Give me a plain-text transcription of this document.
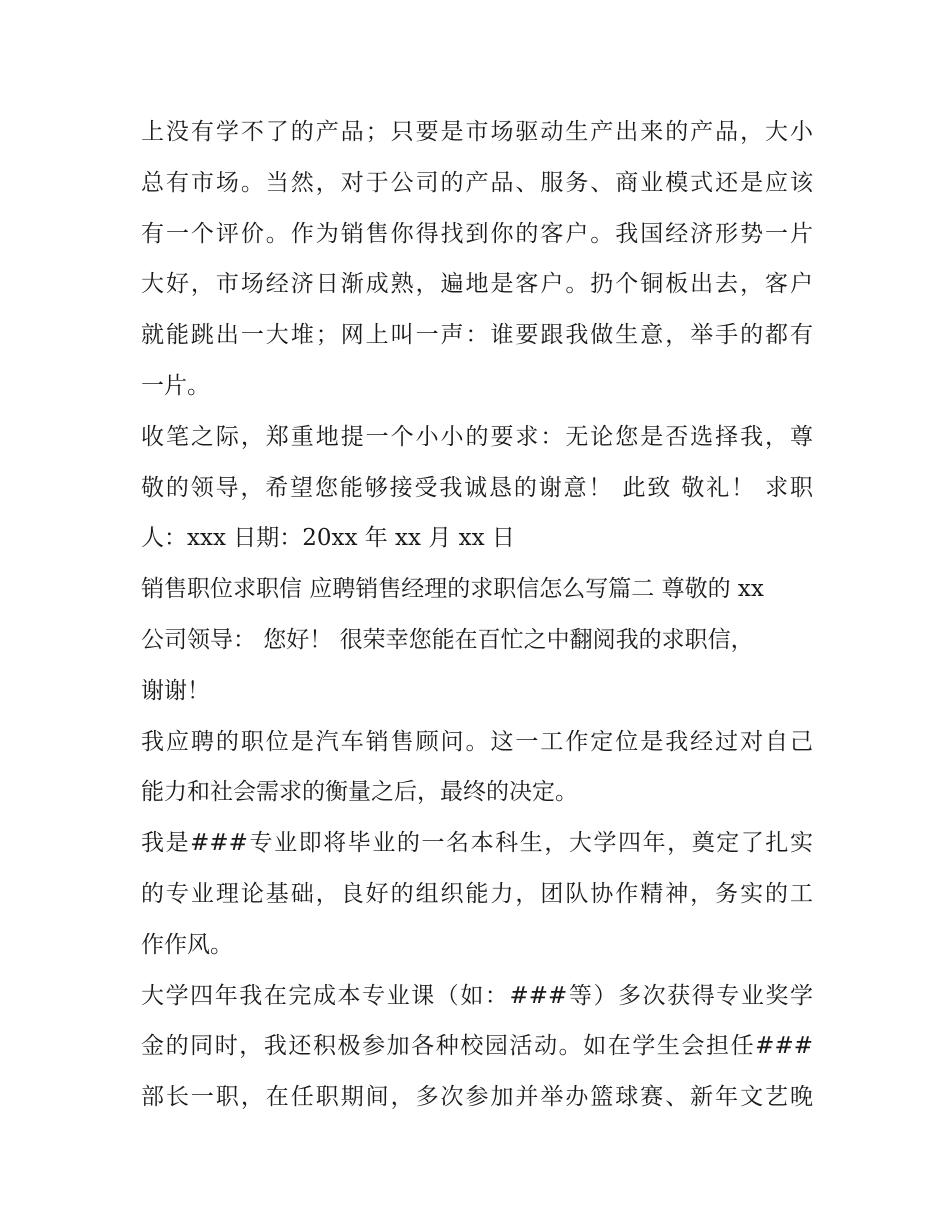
上没有学不了的产品；只要是市场驱动生产出来的产品，大小
总有市场。当然，对于公司的产品、服务、商业模式还是应该
有一个评价。作为销售你得找到你的客户。我国经济形势一片
大好，市场经济日渐成熟，遍地是客户。扔个铜板出去，客户
就能跳出一大堆；网上叫一声：谁要跟我做生意，举手的都有
一片。
收笔之际，郑重地提一个小小的要求：无论您是否选择我，尊
敬的领导，希望您能够接受我诚恳的谢意！ 此致 敬礼！ 求职
人：xxx 日期：20xx 年 xx 月 xx 日
销售职位求职信 应聘销售经理的求职信怎么写篇二 尊敬的 xx
公司领导： 您好！ 很荣幸您能在百忙之中翻阅我的求职信，
谢谢！
我应聘的职位是汽车销售顾问。这一工作定位是我经过对自己
能力和社会需求的衡量之后，最终的决定。
我是###专业即将毕业的一名本科生，大学四年，奠定了扎实
的专业理论基础，良好的组织能力，团队协作精神，务实的工
作作风。
大学四年我在完成本专业课（如：###等）多次获得专业奖学
金的同时，我还积极参加各种校园活动。如在学生会担任###
部长一职，在任职期间，多次参加并举办篮球赛、新年文艺晚
